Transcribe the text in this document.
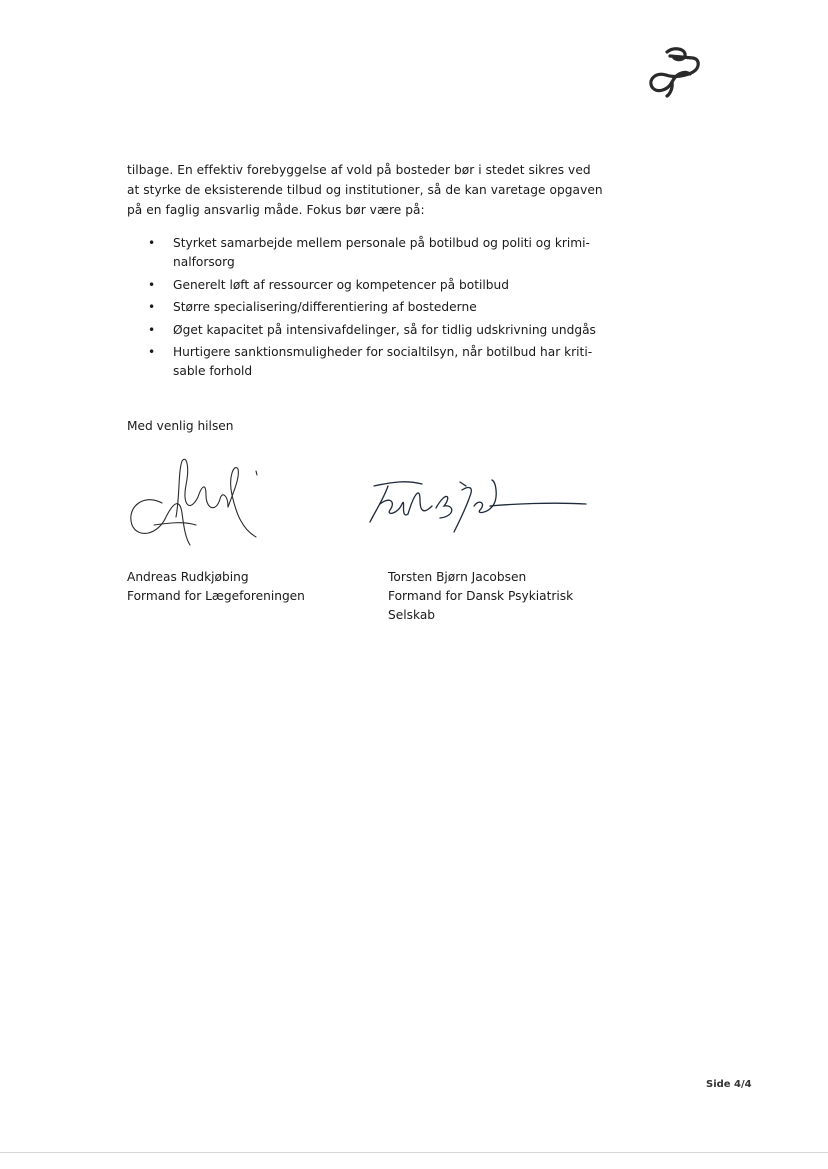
tilbage. En effektiv forebyggelse af vold på bosteder bør i stedet sikres ved

at styrke de eksisterende tilbud og institutioner, så de kan varetage opgaven

på en faglig ansvarlig måde. Fokus bør være på:

• Styrket samarbejde mellem personale på botilbud og politi og krimi-
nalforsorg
• Generelt løft af ressourcer og kompetencer på botilbud
• Større specialisering/differentiering af bostederne
• Øget kapacitet på intensivafdelinger, så for tidlig udskrivning undgås
• Hurtigere sanktionsmuligheder for socialtilsyn, når botilbud har kriti-
sable forhold
Med venlig hilsen
Andreas Rudkjøbing
Formand for Lægeforeningen
Torsten Bjørn Jacobsen
Formand for Dansk Psykiatrisk
Selskab
Side 4/4
